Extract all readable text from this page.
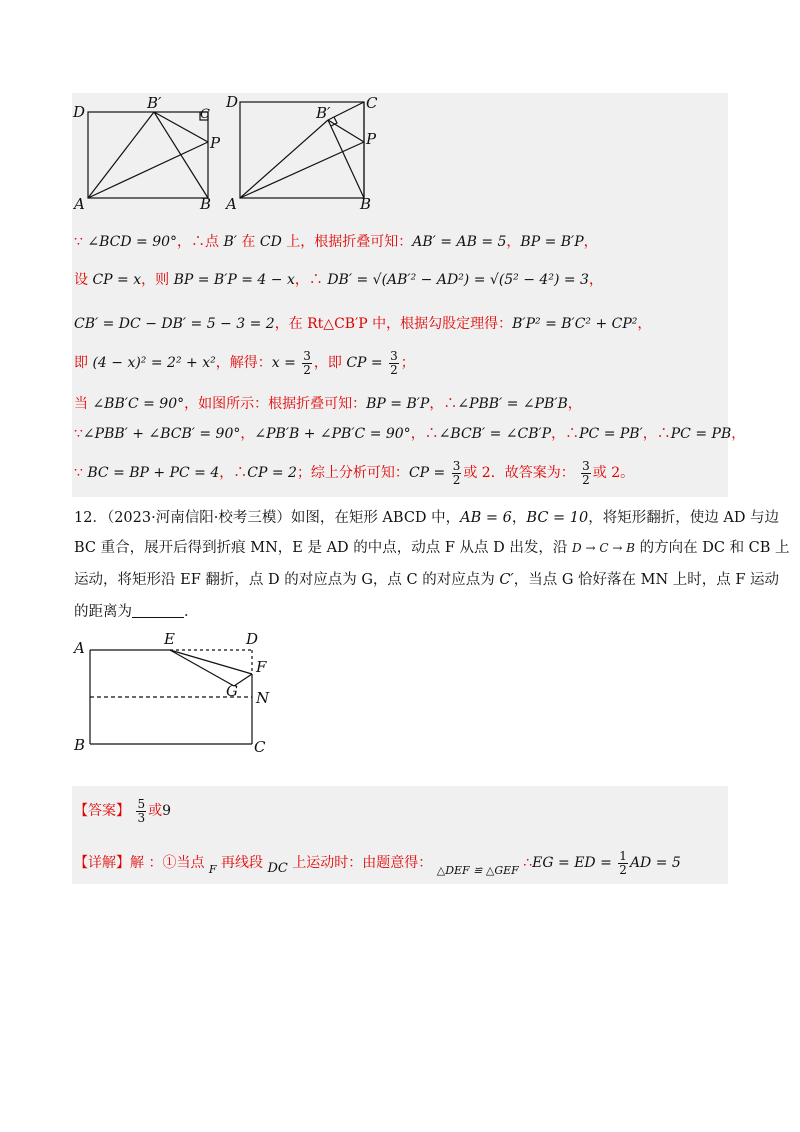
D	B′
C
P
A	B
D
B′
C
P
A	B
∵ ∠BCD = 90°，∴点 B′ 在 CD 上，根据折叠可知：AB′ = AB = 5，BP = B′P，
设 CP = x，则 BP = B′P = 4 − x，∴ DB′ = √(AB′² − AD²) = √(5² − 4²) = 3，
CB′ = DC − DB′ = 5 − 3 = 2，在 Rt△CB′P 中，根据勾股定理得：B′P² = B′C² + CP²，
即 (4 − x)² = 2² + x²，解得：$x = \frac{3}{2}$ ，即 CP = $\frac{3}{2}$ ；
当 ∠BB′C = 90°，如图所示：根据折叠可知：BP = B′P，∴∠PBB′ = ∠PB′B，
∵∠PBB′ + ∠BCB′ = 90°，∠PB′B + ∠PB′C = 90°，∴∠BCB′ = ∠CB′P，∴PC = PB′，∴PC = PB，
∵ BC = BP + PC = 4，∴CP = 2；综上分析可知：CP = $\frac{3}{2}$ 或 2．故答案为： $\frac{3}{2}$ 或 2。
12．（2023·河南信阳·校考三模）如图，在矩形 ABCD 中，AB = 6，BC = 10，将矩形翻折，使边 AD 与边
BC 重合，展开后得到折痕 MN，E 是 AD 的中点，动点 F 从点 D 出发，沿 D → C → B 的方向在 DC 和 CB 上
运动，将矩形沿 EF 翻折，点 D 的对应点为 G，点 C 的对应点为 C′，当点 G 恰好落在 MN 上时，点 F 运动
的距离为	．
A	E	D
F
G N
B	C
【答案】 $\frac{5}{3}$ 或9
【详解】解 ：①当点 $_F$ 再线段 DC 上运动时：由题意得： $_{\triangle DEF ≌ \triangle GEF}$ ∴EG = ED = $\frac{1}{2}$ AD = 5
